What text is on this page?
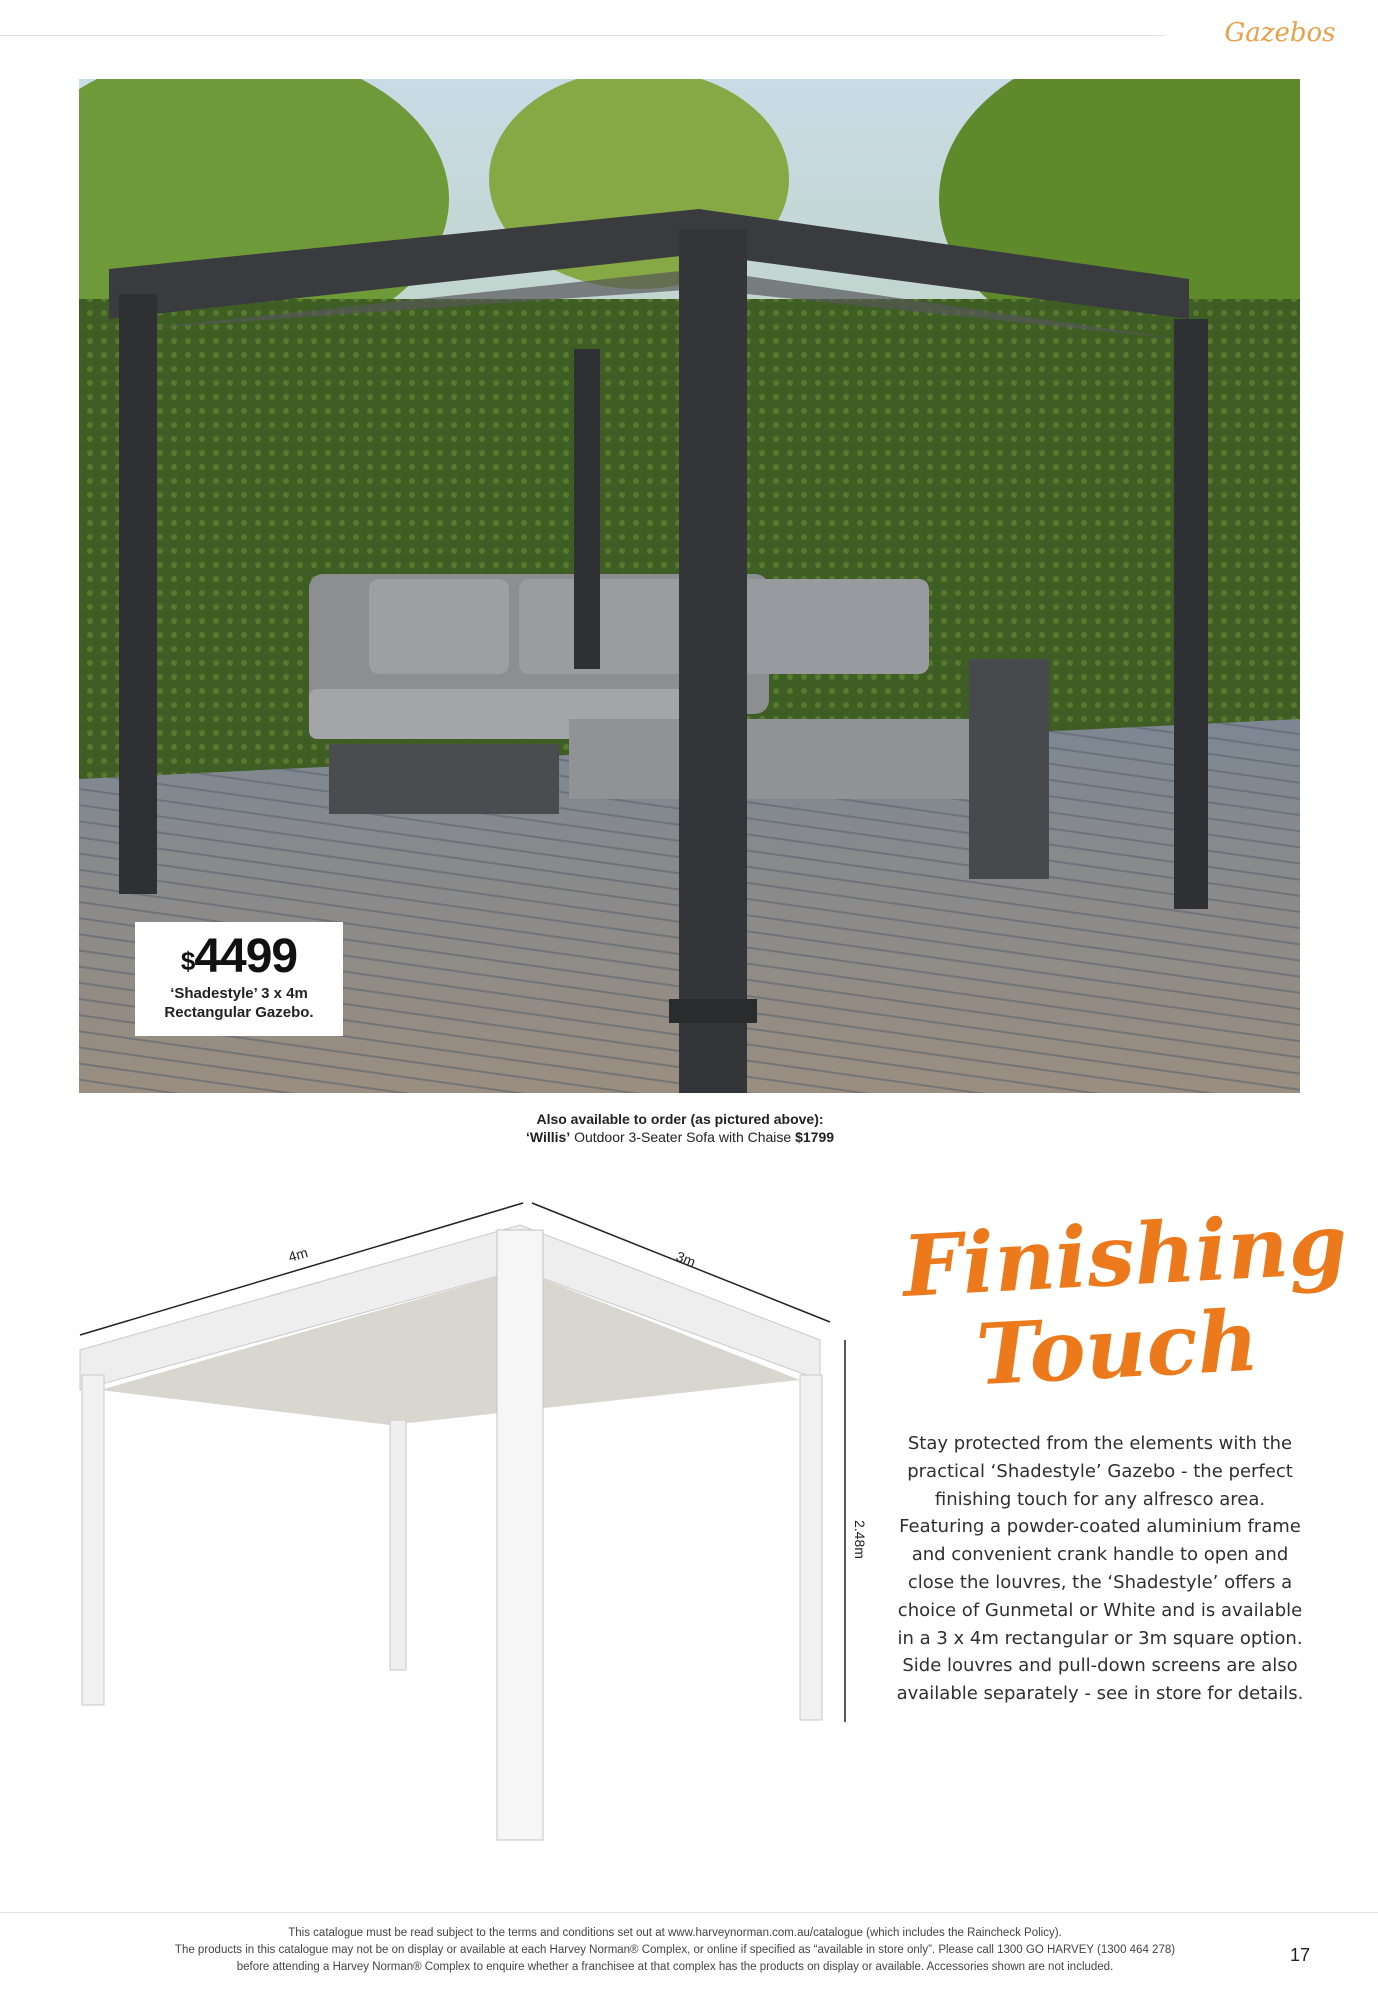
Gazebos
$4499
‘Shadestyle’ 3 x 4m
Rectangular Gazebo.
Also available to order (as pictured above):
‘Willis’ Outdoor 3-Seater Sofa with Chaise $1799
4m	3m
2.48m
Finishing
Touch
Stay protected from the elements with the practical ‘Shadestyle’ Gazebo - the perfect finishing touch for any alfresco area. Featuring a powder-coated aluminium frame and convenient crank handle to open and close the louvres, the ‘Shadestyle’ offers a choice of Gunmetal or White and is available in a 3 x 4m rectangular or 3m square option. Side louvres and pull-down screens are also available separately - see in store for details.
This catalogue must be read subject to the terms and conditions set out at www.harveynorman.com.au/catalogue (which includes the Raincheck Policy).
The products in this catalogue may not be on display or available at each Harvey Norman® Complex, or online if specified as “available in store only”. Please call 1300 GO HARVEY (1300 464 278)
before attending a Harvey Norman® Complex to enquire whether a franchisee at that complex has the products on display or available. Accessories shown are not included.
17
